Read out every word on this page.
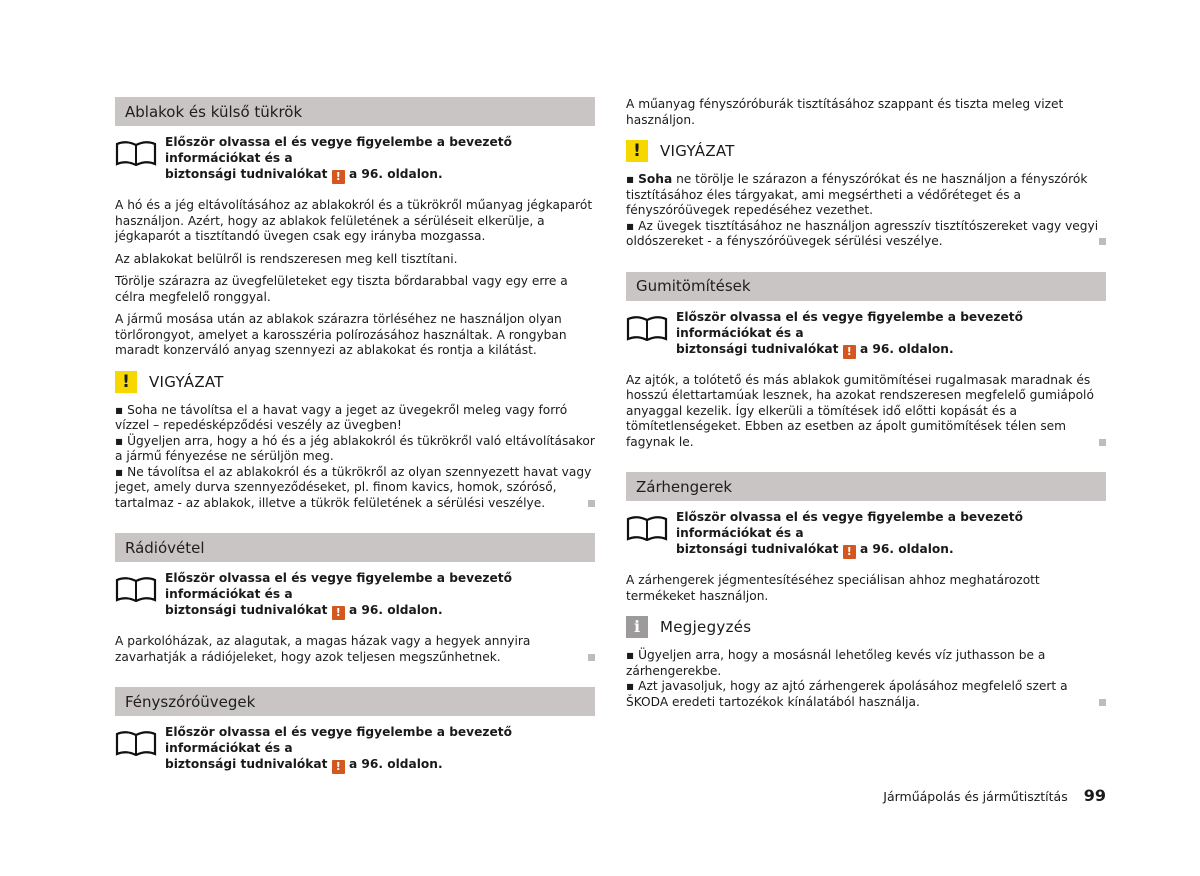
Ablakok és külső tükrök
Először olvassa el és vegye figyelembe a bevezető információkat és a
biztonsági tudnivalókat ! a 96. oldalon.

A hó és a jég eltávolításához az ablakokról és a tükrökről műanyag jégkaparót használjon. Azért, hogy az ablakok felületének a sérüléseit elkerülje, a jégkaparót a tisztítandó üvegen csak egy irányba mozgassa.

Az ablakokat belülről is rendszeresen meg kell tisztítani.

Törölje szárazra az üvegfelületeket egy tiszta bőrdarabbal vagy egy erre a célra megfelelő ronggyal.

A jármű mosása után az ablakok szárazra törléséhez ne használjon olyan törlőrongyot, amelyet a karosszéria polírozásához használtak. A rongyban maradt konzerváló anyag szennyezi az ablakokat és rontja a kilátást.

!	VIGYÁZAT

▪ Soha ne távolítsa el a havat vagy a jeget az üvegekről meleg vagy forró vízzel – repedésképződési veszély az üvegben!

▪ Ügyeljen arra, hogy a hó és a jég ablakokról és tükrökről való eltávolításakor a jármű fényezése ne sérüljön meg.

▪ Ne távolítsa el az ablakokról és a tükrökről az olyan szennyezett havat vagy jeget, amely durva szennyeződéseket, pl. finom kavics, homok, szóróső, tartalmaz - az ablakok, illetve a tükrök felületének a sérülési veszélye.

Rádióvétel
Először olvassa el és vegye figyelembe a bevezető információkat és a
biztonsági tudnivalókat ! a 96. oldalon.

A parkolóházak, az alagutak, a magas házak vagy a hegyek annyira zavarhatják a rádiójeleket, hogy azok teljesen megszűnhetnek.

Fényszóróüvegek
Először olvassa el és vegye figyelembe a bevezető információkat és a
biztonsági tudnivalókat ! a 96. oldalon.

A műanyag fényszóróburák tisztításához szappant és tiszta meleg vizet használjon.

!	VIGYÁZAT

▪ Soha ne törölje le szárazon a fényszórókat és ne használjon a fényszórók tisztításához éles tárgyakat, ami megsértheti a védőréteget és a fényszóróüvegek repedéséhez vezethet.

▪ Az üvegek tisztításához ne használjon agresszív tisztítószereket vagy vegyi oldószereket - a fényszóróüvegek sérülési veszélye.

Gumitömítések
Először olvassa el és vegye figyelembe a bevezető információkat és a
biztonsági tudnivalókat ! a 96. oldalon.

Az ajtók, a tolótető és más ablakok gumitömítései rugalmasak maradnak és hosszú élettartamúak lesznek, ha azokat rendszeresen megfelelő gumiápoló anyaggal kezelik. Így elkerüli a tömítések idő előtti kopását és a tömítetlenségeket. Ebben az esetben az ápolt gumitömítések télen sem fagynak le.

Zárhengerek
Először olvassa el és vegye figyelembe a bevezető információkat és a
biztonsági tudnivalókat ! a 96. oldalon.

A zárhengerek jégmentesítéséhez speciálisan ahhoz meghatározott termékeket használjon.

i	Megjegyzés

▪ Ügyeljen arra, hogy a mosásnál lehetőleg kevés víz juthasson be a zárhengerekbe.

▪ Azt javasoljuk, hogy az ajtó zárhengerek ápolásához megfelelő szert a ŠKODA eredeti tartozékok kínálatából használja.

Járműápolás és járműtisztítás 99
